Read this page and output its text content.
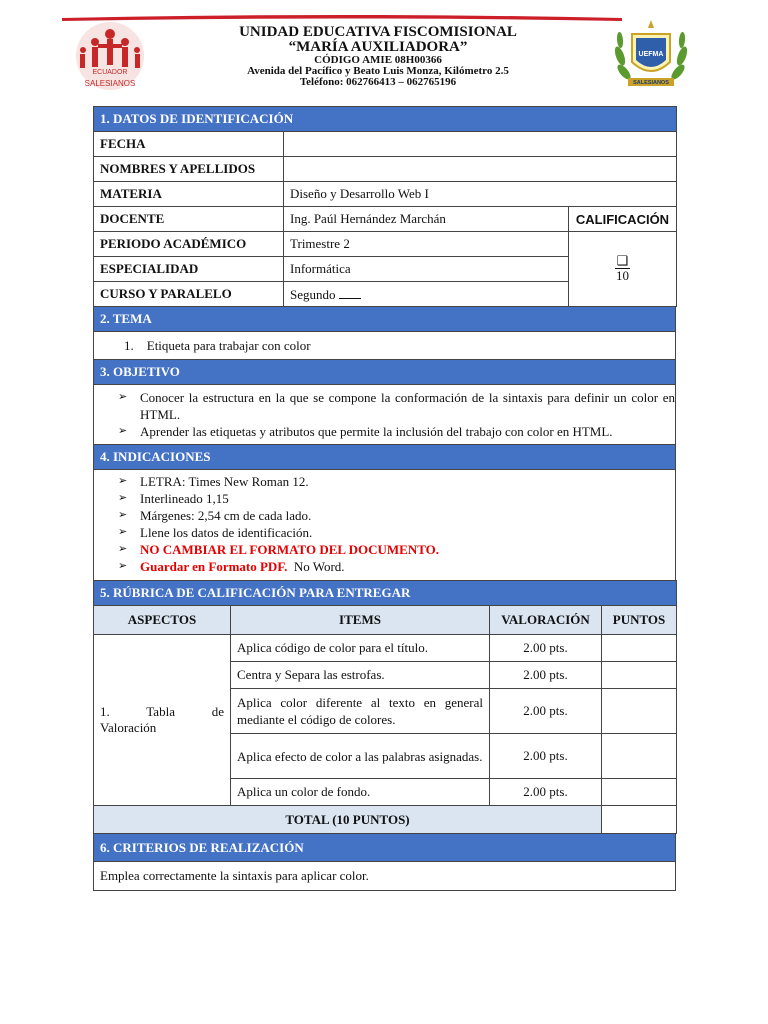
ECUADOR
SALESIANOS
UNIDAD EDUCATIVA FISCOMISIONAL
“MARÍA AUXILIADORA”
CÓDIGO AMIE 08H00366
Avenida del Pacífico y Beato Luis Monza, Kilómetro 2.5
Teléfono: 062766413 – 062765196
UEFMA
SALESIANOS
1. DATOS DE IDENTIFICACIÓN		
FECHA		
NOMBRES Y APELLIDOS		
MATERIA	Diseño y Desarrollo Web I	
DOCENTE	Ing. Paúl Hernández Marchán	CALIFICACIÓN
PERIODO ACADÉMICO	Trimestre 2	$\frac{❑}{10}$
ESPECIALIDAD	Informática	
CURSO Y PARALELO	Segundo	
2. TEMA
1. Etiqueta para trabajar con color
3. OBJETIVO

➢ Conocer la estructura en la que se compone la conformación de la sintaxis para definir un color en HTML.
➢ Aprender las etiquetas y atributos que permite la inclusión del trabajo con color en HTML.
4. INDICACIONES

➢ LETRA: Times New Roman 12.
➢ Interlineado 1,15
➢ Márgenes: 2,54 cm de cada lado.
➢ Llene los datos de identificación.
➢ NO CAMBIAR EL FORMATO DEL DOCUMENTO.
➢ Guardar en Formato PDF. No Word.
5. RÚBRICA DE CALIFICACIÓN PARA ENTREGAR			
ASPECTOS	ITEMS	VALORACIÓN	PUNTOS
1.       Tabla       de Valoración	Aplica código de color para el título.	2.00 pts.	
	Centra y Separa las estrofas.	2.00 pts.	
	Aplica color diferente al texto en general mediante el código de colores.	2.00 pts.	
	Aplica efecto de color a las palabras asignadas.	2.00 pts.	
	Aplica un color de fondo.	2.00 pts.	
TOTAL (10 PUNTOS)			
6. CRITERIOS DE REALIZACIÓN
Emplea correctamente la sintaxis para aplicar color.
